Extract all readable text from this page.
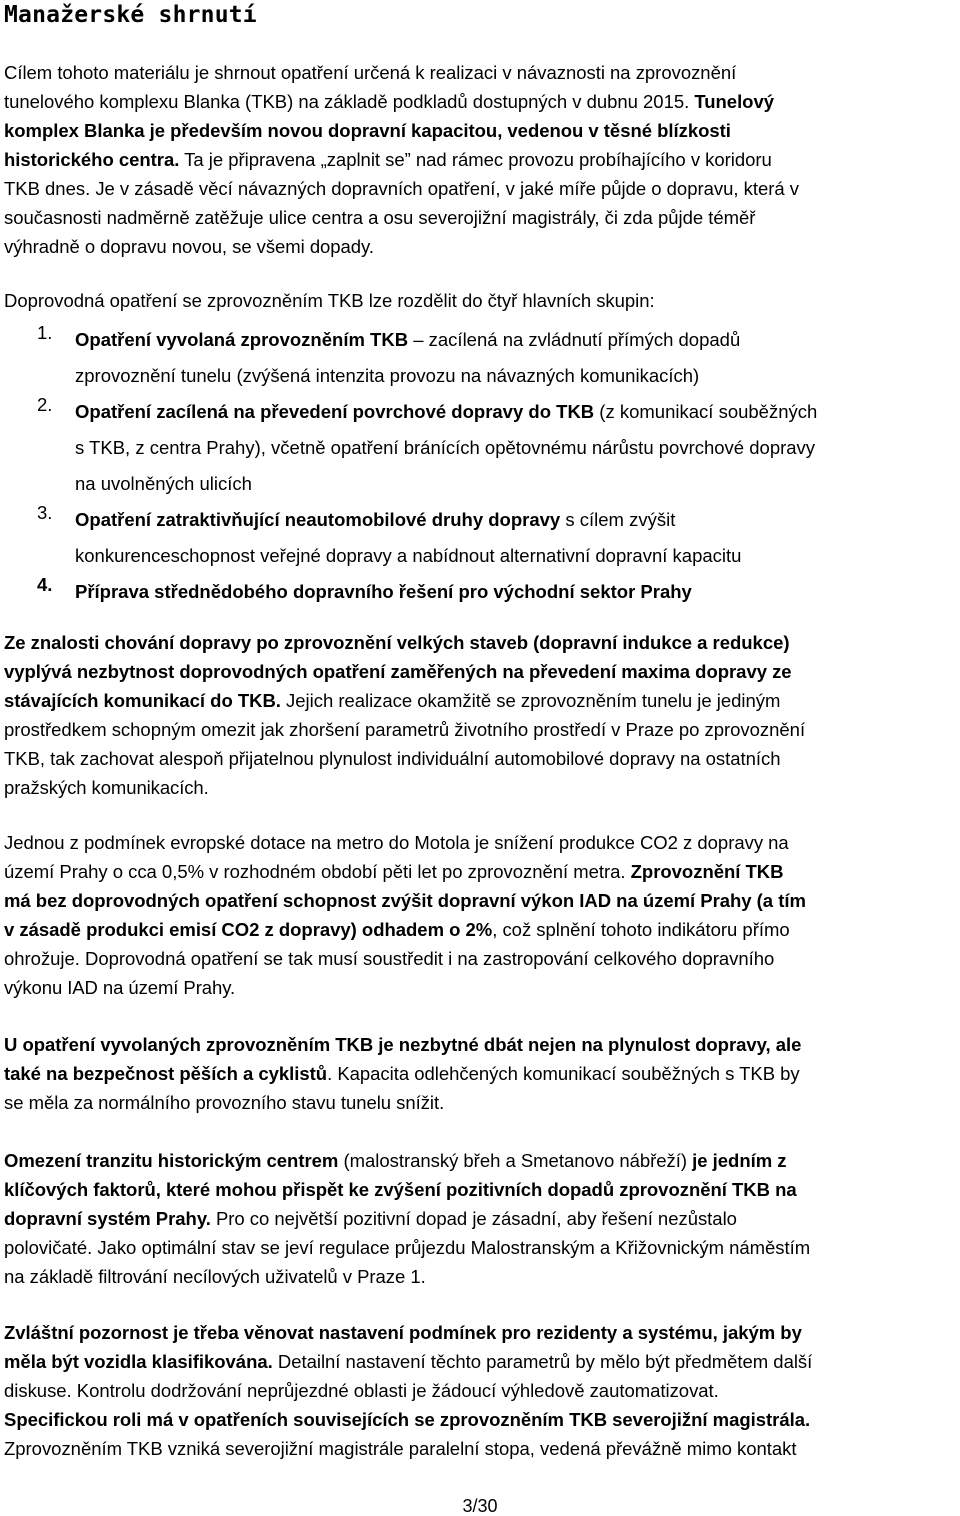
Manažerské shrnutí
Cílem tohoto materiálu je shrnout opatření určená k realizaci v návaznosti na zprovoznění
tunelového komplexu Blanka (TKB) na základě podkladů dostupných v dubnu 2015. Tunelový
komplex Blanka je především novou dopravní kapacitou, vedenou v těsné blízkosti
historického centra. Ta je připravena „zaplnit se” nad rámec provozu probíhajícího v koridoru
TKB dnes. Je v zásadě věcí návazných dopravních opatření, v jaké míře půjde o dopravu, která v
současnosti nadměrně zatěžuje ulice centra a osu severojižní magistrály, či zda půjde téměř
výhradně o dopravu novou, se všemi dopady.
Doprovodná opatření se zprovozněním TKB lze rozdělit do čtyř hlavních skupin:
1. Opatření vyvolaná zprovozněním TKB – zacílená na zvládnutí přímých dopadů
zprovoznění tunelu (zvýšená intenzita provozu na návazných komunikacích)
2. Opatření zacílená na převedení povrchové dopravy do TKB (z komunikací souběžných
s TKB, z centra Prahy), včetně opatření bránících opětovnému nárůstu povrchové dopravy
na uvolněných ulicích
3. Opatření zatraktivňující neautomobilové druhy dopravy s cílem zvýšit
konkurenceschopnost veřejné dopravy a nabídnout alternativní dopravní kapacitu
4. Příprava střednědobého dopravního řešení pro východní sektor Prahy
Ze znalosti chování dopravy po zprovoznění velkých staveb (dopravní indukce a redukce)
vyplývá nezbytnost doprovodných opatření zaměřených na převedení maxima dopravy ze
stávajících komunikací do TKB. Jejich realizace okamžitě se zprovozněním tunelu je jediným
prostředkem schopným omezit jak zhoršení parametrů životního prostředí v Praze po zprovoznění
TKB, tak zachovat alespoň přijatelnou plynulost individuální automobilové dopravy na ostatních
pražských komunikacích.
Jednou z podmínek evropské dotace na metro do Motola je snížení produkce CO2 z dopravy na
území Prahy o cca 0,5% v rozhodném období pěti let po zprovoznění metra. Zprovoznění TKB
má bez doprovodných opatření schopnost zvýšit dopravní výkon IAD na území Prahy (a tím
v zásadě produkci emisí CO2 z dopravy) odhadem o 2%, což splnění tohoto indikátoru přímo
ohrožuje. Doprovodná opatření se tak musí soustředit i na zastropování celkového dopravního
výkonu IAD na území Prahy.
U opatření vyvolaných zprovozněním TKB je nezbytné dbát nejen na plynulost dopravy, ale
také na bezpečnost pěších a cyklistů. Kapacita odlehčených komunikací souběžných s TKB by
se měla za normálního provozního stavu tunelu snížit.
Omezení tranzitu historickým centrem (malostranský břeh a Smetanovo nábřeží) je jedním z
klíčových faktorů, které mohou přispět ke zvýšení pozitivních dopadů zprovoznění TKB na
dopravní systém Prahy. Pro co největší pozitivní dopad je zásadní, aby řešení nezůstalo
polovičaté. Jako optimální stav se jeví regulace průjezdu Malostranským a Křižovnickým náměstím
na základě filtrování necílových uživatelů v Praze 1.
Zvláštní pozornost je třeba věnovat nastavení podmínek pro rezidenty a systému, jakým by
měla být vozidla klasifikována. Detailní nastavení těchto parametrů by mělo být předmětem další
diskuse. Kontrolu dodržování neprůjezdné oblasti je žádoucí výhledově zautomatizovat.
Specifickou roli má v opatřeních souvisejících se zprovozněním TKB severojižní magistrála.
Zprovozněním TKB vzniká severojižní magistrále paralelní stopa, vedená převážně mimo kontakt
3/30
